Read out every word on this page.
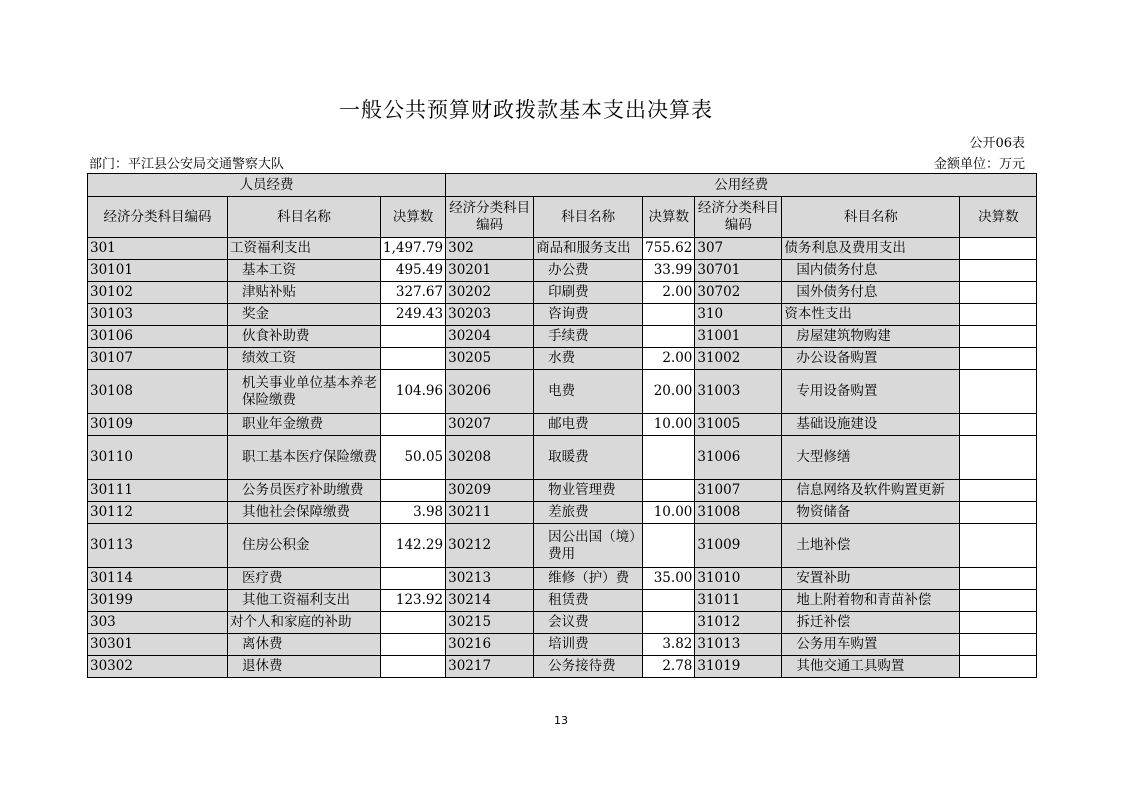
一般公共预算财政拨款基本支出决算表
公开06表
部门：平江县公安局交通警察大队	金额单位：万元
人员经费			公用经费					
经济分类科目编码	科目名称	决算数	经济分类科目编码	科目名称	决算数	经济分类科目编码	科目名称	决算数
301	工资福利支出	1,497.79	302	商品和服务支出	755.62	307	债务利息及费用支出	
30101	基本工资	495.49	30201	办公费	33.99	30701	国内债务付息	
30102	津贴补贴	327.67	30202	印刷费	2.00	30702	国外债务付息	
30103	奖金	249.43	30203	咨询费		310	资本性支出	
30106	伙食补助费		30204	手续费		31001	房屋建筑物购建	
30107	绩效工资		30205	水费	2.00	31002	办公设备购置	
30108	机关事业单位基本养老保险缴费	104.96	30206	电费	20.00	31003	专用设备购置	
30109	职业年金缴费		30207	邮电费	10.00	31005	基础设施建设	
30110	职工基本医疗保险缴费	50.05	30208	取暖费		31006	大型修缮	
30111	公务员医疗补助缴费		30209	物业管理费		31007	信息网络及软件购置更新	
30112	其他社会保障缴费	3.98	30211	差旅费	10.00	31008	物资储备	
30113	住房公积金	142.29	30212	因公出国（境）费用		31009	土地补偿	
30114	医疗费		30213	维修（护）费	35.00	31010	安置补助	
30199	其他工资福利支出	123.92	30214	租赁费		31011	地上附着物和青苗补偿	
303	对个人和家庭的补助		30215	会议费		31012	拆迁补偿	
30301	离休费		30216	培训费	3.82	31013	公务用车购置	
30302	退休费		30217	公务接待费	2.78	31019	其他交通工具购置	
13
